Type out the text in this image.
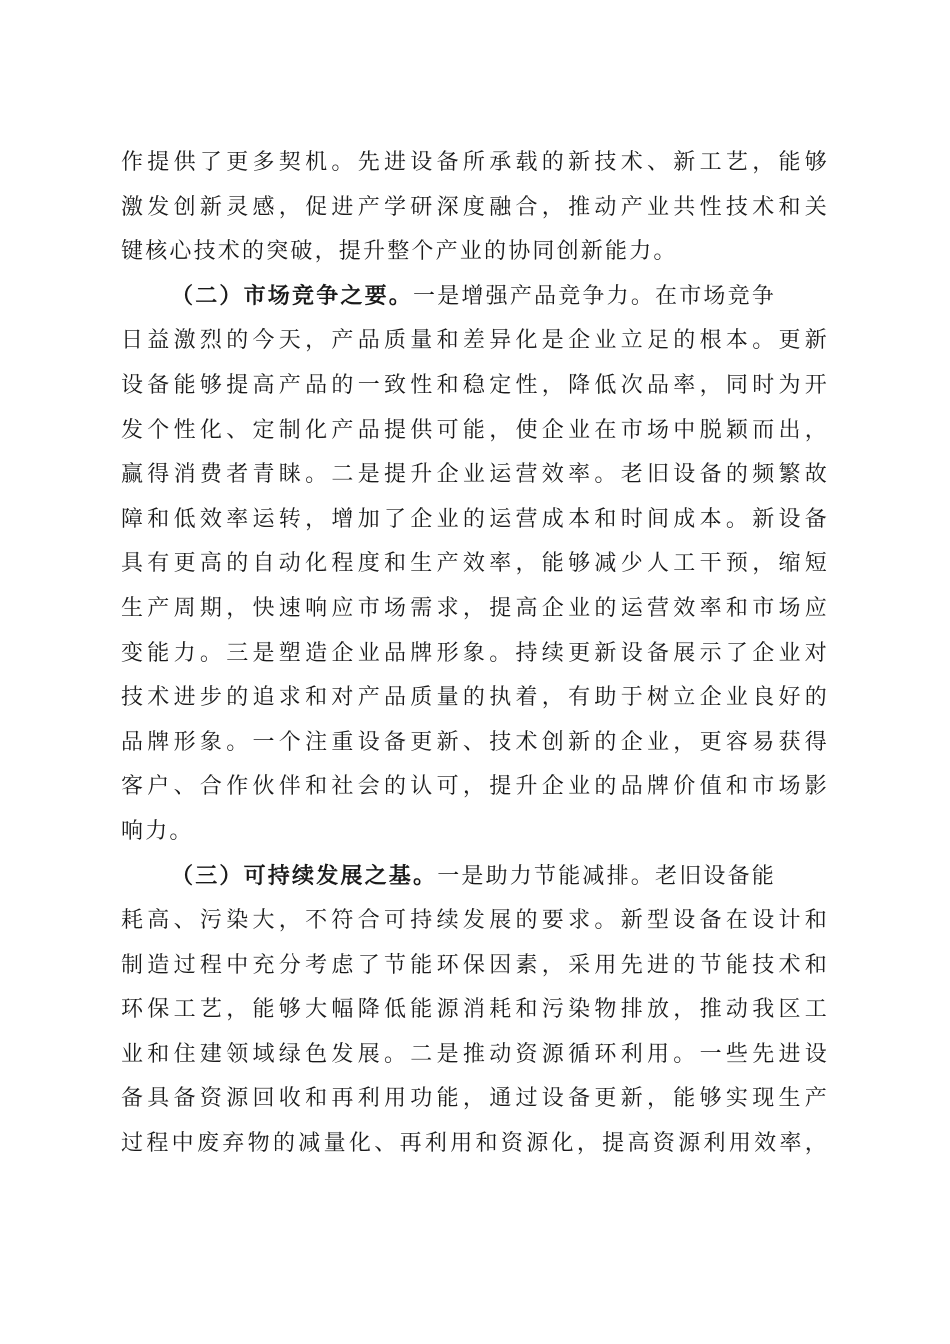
作提供了更多契机。先进设备所承载的新技术、新工艺，能够
激发创新灵感，促进产学研深度融合，推动产业共性技术和关
键核心技术的突破，提升整个产业的协同创新能力。
（二）市场竞争之要。一是增强产品竞争力。在市场竞争
日益激烈的今天，产品质量和差异化是企业立足的根本。更新
设备能够提高产品的一致性和稳定性，降低次品率，同时为开
发个性化、定制化产品提供可能，使企业在市场中脱颖而出，
赢得消费者青睐。二是提升企业运营效率。老旧设备的频繁故
障和低效率运转，增加了企业的运营成本和时间成本。新设备
具有更高的自动化程度和生产效率，能够减少人工干预，缩短
生产周期，快速响应市场需求，提高企业的运营效率和市场应
变能力。三是塑造企业品牌形象。持续更新设备展示了企业对
技术进步的追求和对产品质量的执着，有助于树立企业良好的
品牌形象。一个注重设备更新、技术创新的企业，更容易获得
客户、合作伙伴和社会的认可，提升企业的品牌价值和市场影
响力。
（三）可持续发展之基。一是助力节能减排。老旧设备能
耗高、污染大，不符合可持续发展的要求。新型设备在设计和
制造过程中充分考虑了节能环保因素，采用先进的节能技术和
环保工艺，能够大幅降低能源消耗和污染物排放，推动我区工
业和住建领域绿色发展。二是推动资源循环利用。一些先进设
备具备资源回收和再利用功能，通过设备更新，能够实现生产
过程中废弃物的减量化、再利用和资源化，提高资源利用效率，
